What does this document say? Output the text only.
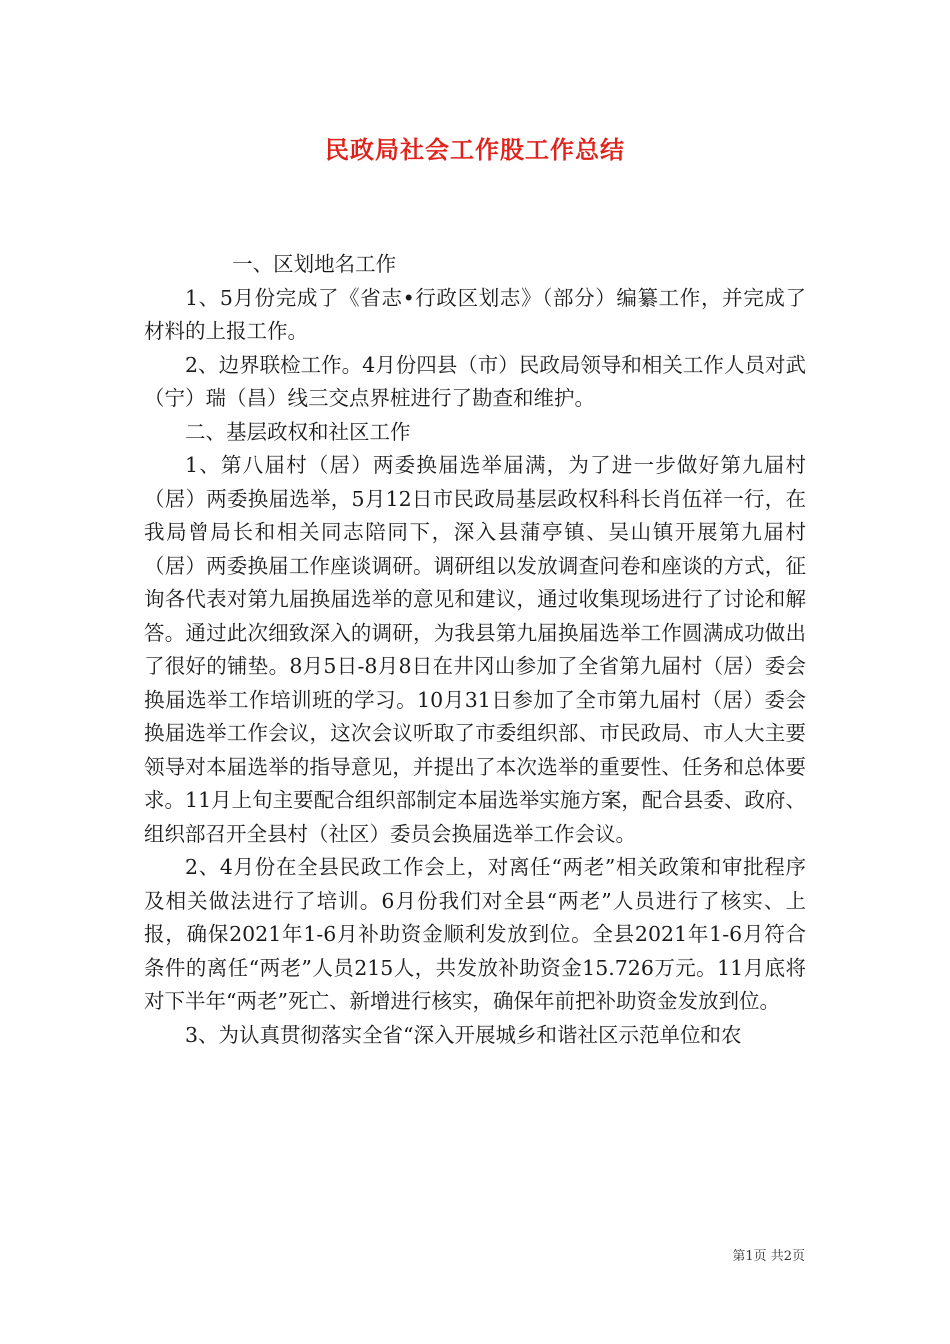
民政局社会工作股工作总结

一、区划地名工作

1、5月份完成了《省志•行政区划志》（部分）编纂工作，并完成了材料的上报工作。

2、边界联检工作。4月份四县（市）民政局领导和相关工作人员对武（宁）瑞（昌）线三交点界桩进行了勘查和维护。

二、基层政权和社区工作

1、第八届村（居）两委换届选举届满，为了进一步做好第九届村（居）两委换届选举，5月12日市民政局基层政权科科长肖伍祥一行，在我局曾局长和相关同志陪同下，深入县蒲亭镇、吴山镇开展第九届村（居）两委换届工作座谈调研。调研组以发放调查问卷和座谈的方式，征询各代表对第九届换届选举的意见和建议，通过收集现场进行了讨论和解答。通过此次细致深入的调研，为我县第九届换届选举工作圆满成功做出了很好的铺垫。8月5日-8月8日在井冈山参加了全省第九届村（居）委会换届选举工作培训班的学习。10月31日参加了全市第九届村（居）委会换届选举工作会议，这次会议听取了市委组织部、市民政局、市人大主要领导对本届选举的指导意见，并提出了本次选举的重要性、任务和总体要求。11月上旬主要配合组织部制定本届选举实施方案，配合县委、政府、组织部召开全县村（社区）委员会换届选举工作会议。

2、4月份在全县民政工作会上，对离任“两老”相关政策和审批程序及相关做法进行了培训。6月份我们对全县“两老”人员进行了核实、上报，确保2021年1-6月补助资金顺利发放到位。全县2021年1-6月符合条件的离任“两老”人员215人，共发放补助资金15.726万元。11月底将对下半年“两老”死亡、新增进行核实，确保年前把补助资金发放到位。

3、为认真贯彻落实全省“深入开展城乡和谐社区示范单位和农

第1页 共2页
